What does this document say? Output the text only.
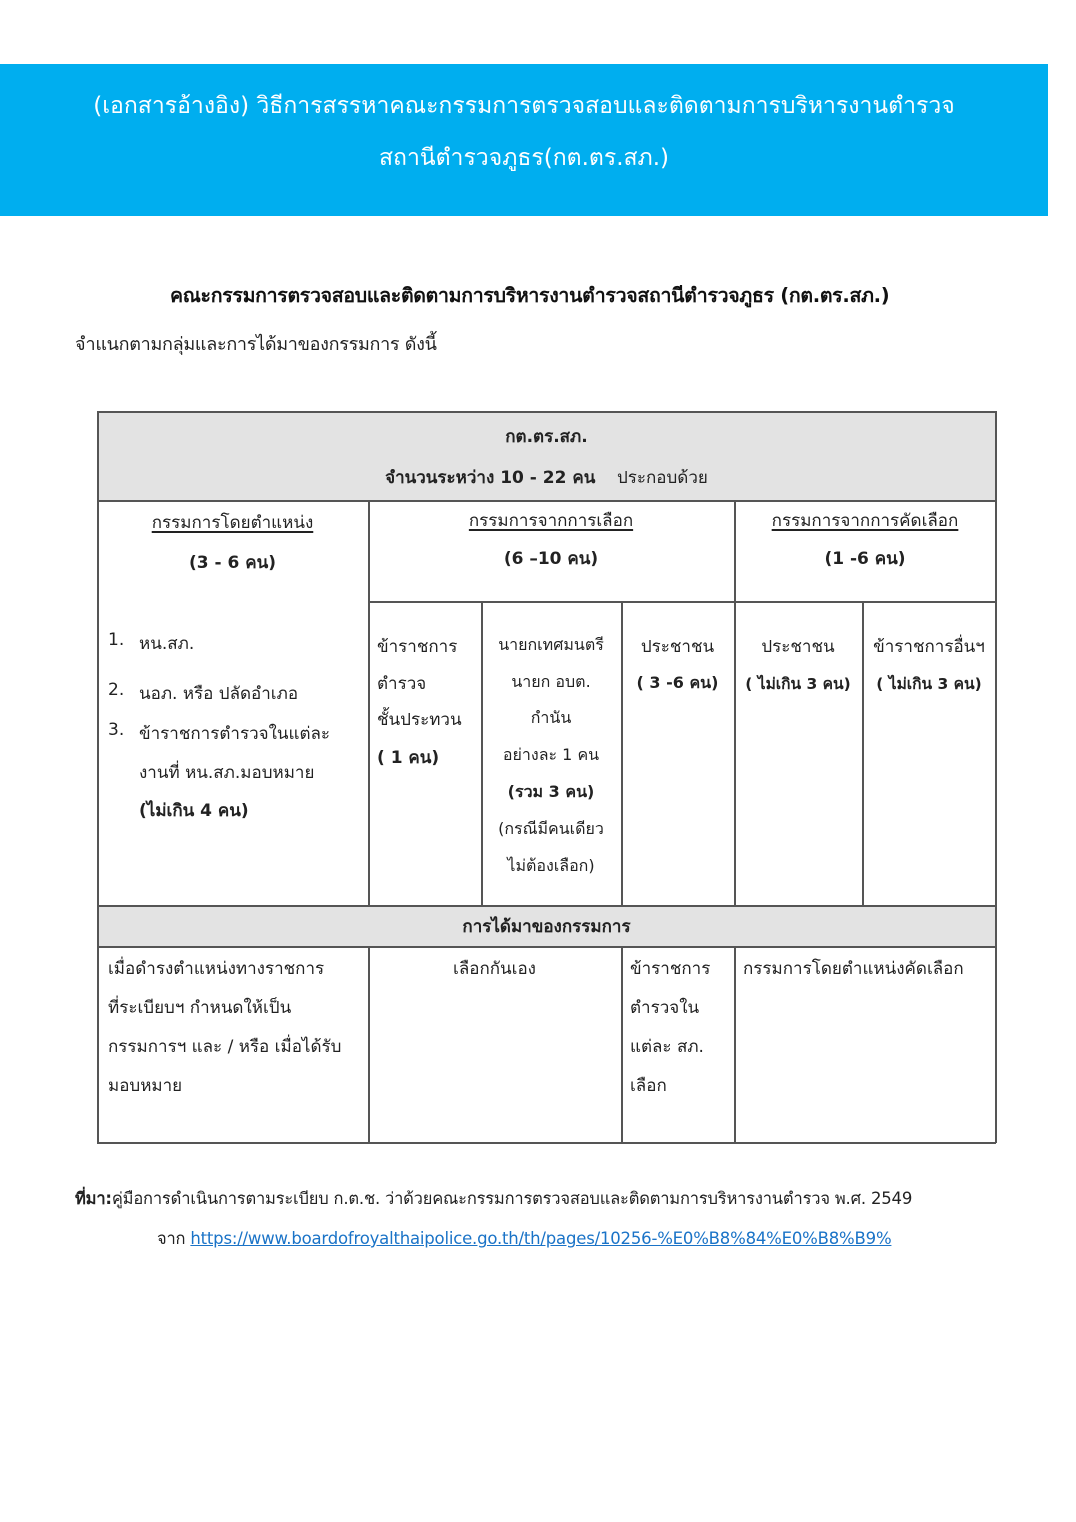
(เอกสารอ้างอิง) วิธีการสรรหาคณะกรรมการตรวจสอบและติดตามการบริหารงานตำรวจ
สถานีตำรวจภูธร(กต.ตร.สภ.)
คณะกรรมการตรวจสอบและติดตามการบริหารงานตำรวจสถานีตำรวจภูธร (กต.ตร.สภ.)
จำแนกตามกลุ่มและการได้มาของกรรมการ ดังนี้
กต.ตร.สภ.
จำนวนระหว่าง 10 - 22 คน ประกอบด้วย
กรรมการโดยตำแหน่ง
(3 - 6 คน)
กรรมการจากการเลือก
(6 –10 คน)
กรรมการจากการคัดเลือก
(1 -6 คน)
1. หน.สภ.
2. นอภ. หรือ ปลัดอำเภอ
3. ข้าราชการตำรวจในแต่ละ
งานที่ หน.สภ.มอบหมาย
(ไม่เกิน 4 คน)
ข้าราชการ
ตำรวจ
ชั้นประทวน
( 1 คน)
นายกเทศมนตรี
นายก อบต.
กำนัน
อย่างละ 1 คน
(รวม 3 คน)
(กรณีมีคนเดียว
ไม่ต้องเลือก)
ประชาชน
( 3 -6 คน)
ประชาชน
( ไม่เกิน 3 คน)
ข้าราชการอื่นฯ
( ไม่เกิน 3 คน)
การได้มาของกรรมการ
เมื่อดำรงตำแหน่งทางราชการ
ที่ระเบียบฯ กำหนดให้เป็น
กรรมการฯ และ / หรือ เมื่อได้รับ
มอบหมาย
เลือกกันเอง	ข้าราชการ
ตำรวจใน
แต่ละ สภ.
เลือก
กรรมการโดยตำแหน่งคัดเลือก
ที่มา:คู่มือการดำเนินการตามระเบียบ ก.ต.ช. ว่าด้วยคณะกรรมการตรวจสอบและติดตามการบริหารงานตำรวจ พ.ศ. 2549
จาก https://www.boardofroyalthaipolice.go.th/th/pages/10256-%E0%B8%84%E0%B8%B9%
